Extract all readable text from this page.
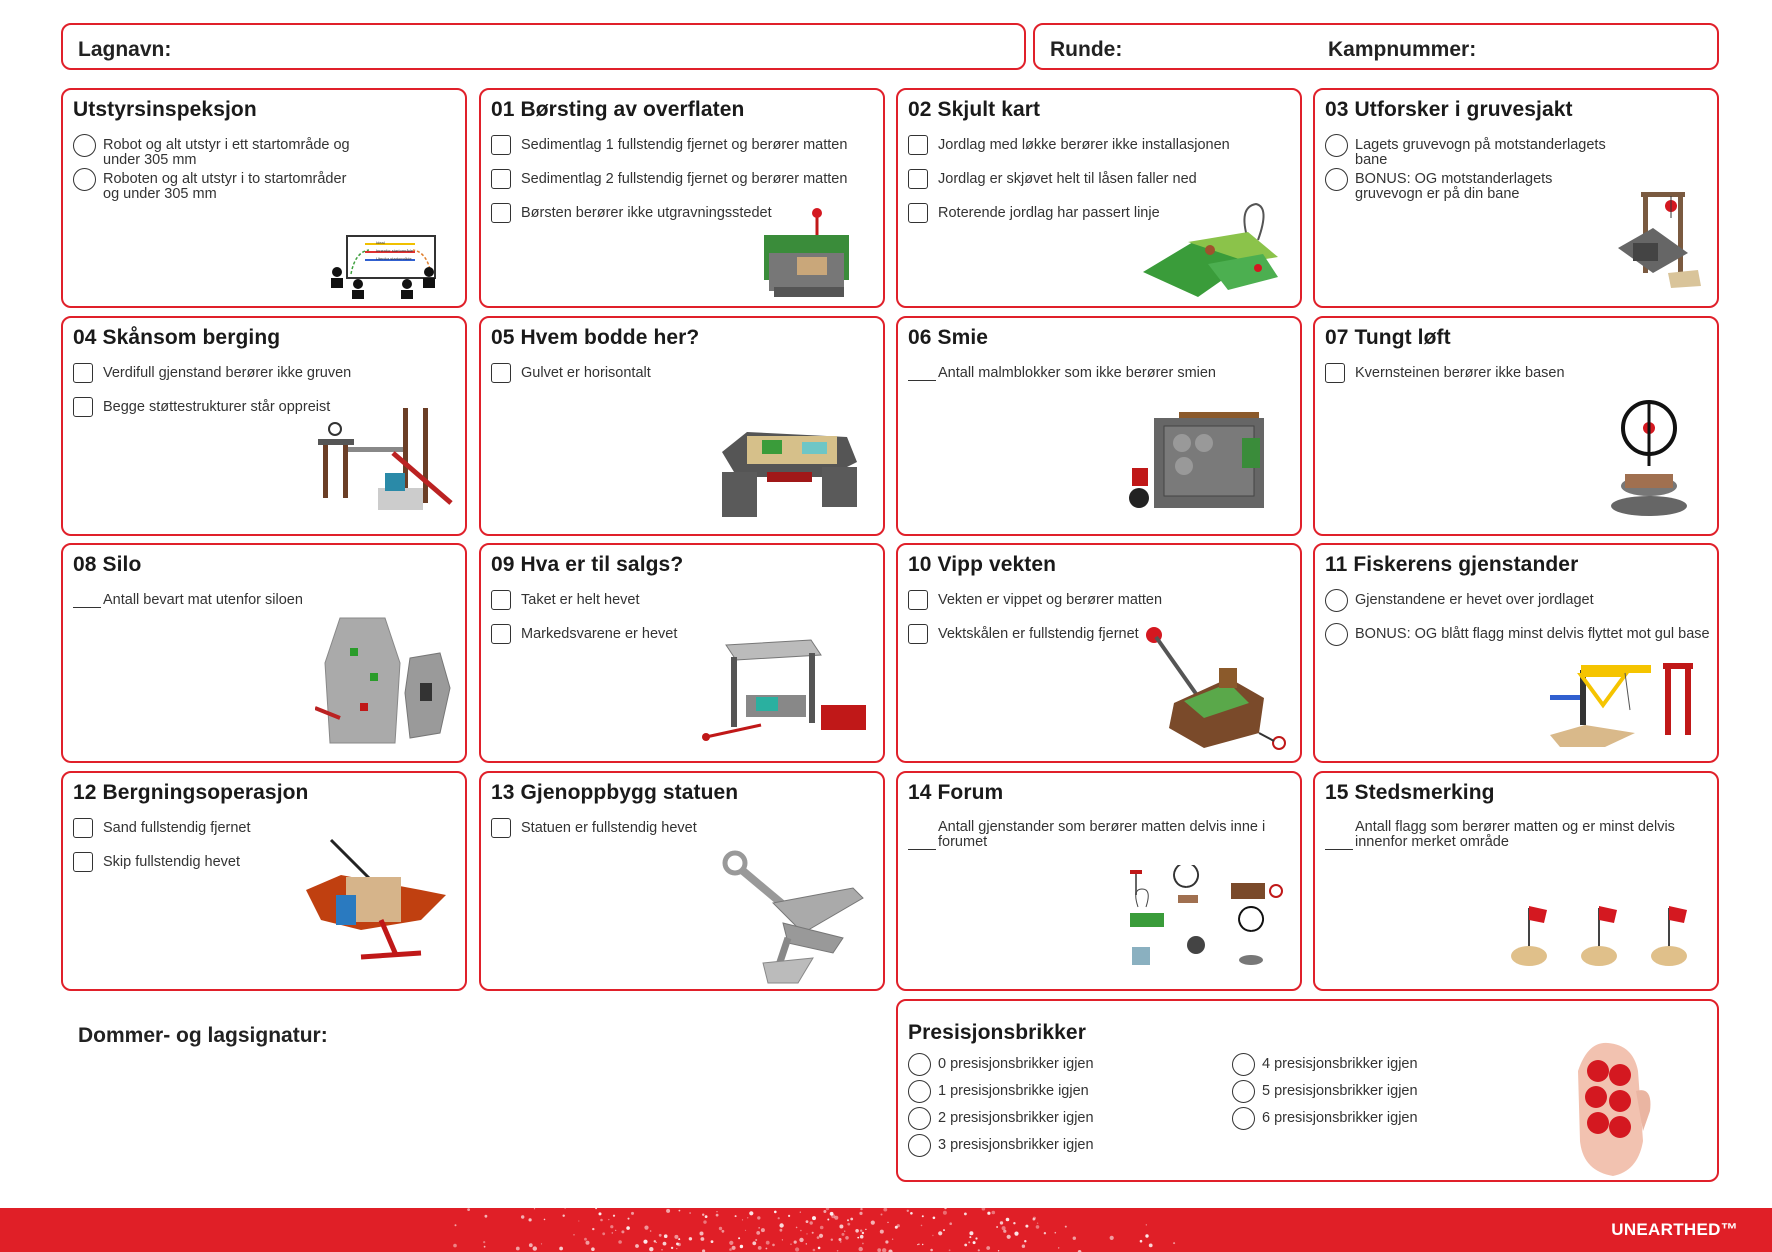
Lagnavn:	Runde:	Kampnummer:
Utstyrsinspeksjon
Robot og alt utstyr i ett startområde og under 305 mm
Roboten og alt utstyr i to startområder og under 305 mm
Ideal
Innenfor startområde
Utenfor startområde
01 Børsting av overflaten
Sedimentlag 1 fullstendig fjernet og berører matten
Sedimentlag 2 fullstendig fjernet og berører matten
Børsten berører ikke utgravningsstedet
02 Skjult kart
Jordlag med løkke berører ikke installasjonen
Jordlag er skjøvet helt til låsen faller ned
Roterende jordlag har passert linje
03 Utforsker i gruvesjakt
Lagets gruvevogn på motstanderlagets bane
BONUS: OG motstanderlagets gruvevogn er på din bane
04 Skånsom berging
Verdifull gjenstand berører ikke gruven
Begge støttestrukturer står oppreist
05 Hvem bodde her?
Gulvet er horisontalt
06 Smie
Antall malmblokker som ikke berører smien
07 Tungt løft
Kvernsteinen berører ikke basen
08 Silo
Antall bevart mat utenfor siloen
09 Hva er til salgs?
Taket er helt hevet
Markedsvarene er hevet
10 Vipp vekten
Vekten er vippet og berører matten
Vektskålen er fullstendig fjernet
11 Fiskerens gjenstander
Gjenstandene er hevet over jordlaget
BONUS: OG blått flagg minst delvis flyttet mot gul base
12 Bergningsoperasjon
Sand fullstendig fjernet
Skip fullstendig hevet
13 Gjenoppbygg statuen
Statuen er fullstendig hevet
14 Forum
Antall gjenstander som berører matten delvis inne i forumet
15 Stedsmerking
Antall flagg som berører matten og er minst delvis innenfor merket område
Dommer- og lagsignatur:	Presisjonsbrikker
0 presisjonsbrikker igjen
1 presisjonsbrikke igjen
2 presisjonsbrikker igjen
3 presisjonsbrikker igjen
4 presisjonsbrikker igjen
5 presisjonsbrikker igjen
6 presisjonsbrikker igjen
UNEARTHED™
